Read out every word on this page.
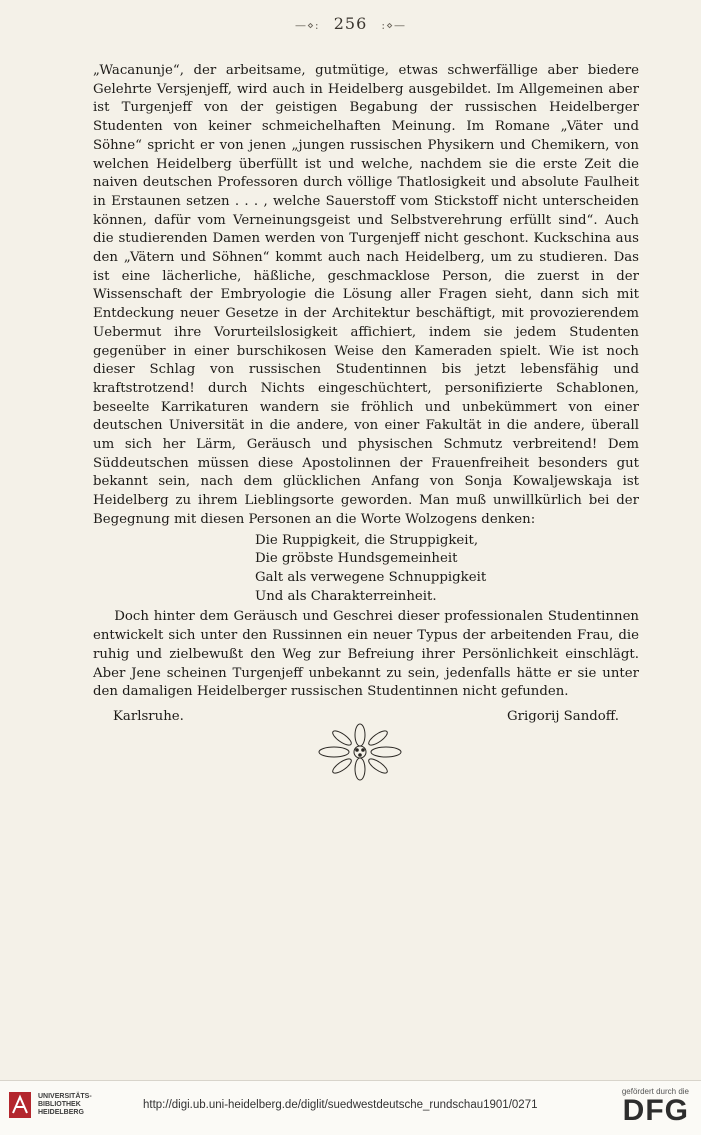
—⋄: 256 :⋄—

„Wacanunje“, der arbeitsame, gutmütige, etwas schwerfällige aber biedere Gelehrte Versjenjeff, wird auch in Heidelberg ausgebildet. Im Allgemeinen aber ist Turgenjeff von der geistigen Begabung der russischen Heidelberger Studenten von keiner schmeichelhaften Meinung. Im Romane „Väter und Söhne“ spricht er von jenen „jungen russischen Physikern und Chemikern, von welchen Heidelberg überfüllt ist und welche, nachdem sie die erste Zeit die naiven deutschen Professoren durch völlige Thatlosigkeit und absolute Faulheit in Erstaunen setzen . . . , welche Sauerstoff vom Stickstoff nicht unterscheiden können, dafür vom Verneinungsgeist und Selbstverehrung erfüllt sind“. Auch die studierenden Damen werden von Turgenjeff nicht geschont. Kuckschina aus den „Vätern und Söhnen“ kommt auch nach Heidelberg, um zu studieren. Das ist eine lächerliche, häßliche, geschmacklose Person, die zuerst in der Wissenschaft der Embryologie die Lösung aller Fragen sieht, dann sich mit Entdeckung neuer Gesetze in der Architektur beschäftigt, mit provozierendem Uebermut ihre Vorurteilslosigkeit affichiert, indem sie jedem Studenten gegenüber in einer burschikosen Weise den Kameraden spielt. Wie ist noch dieser Schlag von russischen Studentinnen bis jetzt lebensfähig und kraftstrotzend! durch Nichts eingeschüchtert, personifizierte Schablonen, beseelte Karrikaturen wandern sie fröhlich und unbekümmert von einer deutschen Universität in die andere, von einer Fakultät in die andere, überall um sich her Lärm, Geräusch und physischen Schmutz verbreitend! Dem Süddeutschen müssen diese Apostolinnen der Frauenfreiheit besonders gut bekannt sein, nach dem glücklichen Anfang von Sonja Kowaljewskaja ist Heidelberg zu ihrem Lieblingsorte geworden. Man muß unwillkürlich bei der Begegnung mit diesen Personen an die Worte Wolzogens denken:

Die Ruppigkeit, die Struppigkeit,
Die gröbste Hundsgemeinheit
Galt als verwegene Schnuppigkeit
Und als Charakterreinheit.

Doch hinter dem Geräusch und Geschrei dieser professionalen Studentinnen entwickelt sich unter den Russinnen ein neuer Typus der arbeitenden Frau, die ruhig und zielbewußt den Weg zur Befreiung ihrer Persönlichkeit einschlägt. Aber Jene scheinen Turgenjeff unbekannt zu sein, jedenfalls hätte er sie unter den damaligen Heidelberger russischen Studentinnen nicht gefunden.

Karlsruhe.	Grigorij Sandoff.
UNIVERSITÄTS-
BIBLIOTHEK
HEIDELBERG
http://digi.ub.uni-heidelberg.de/diglit/suedwestdeutsche_rundschau1901/0271
gefördert durch die
DFG
